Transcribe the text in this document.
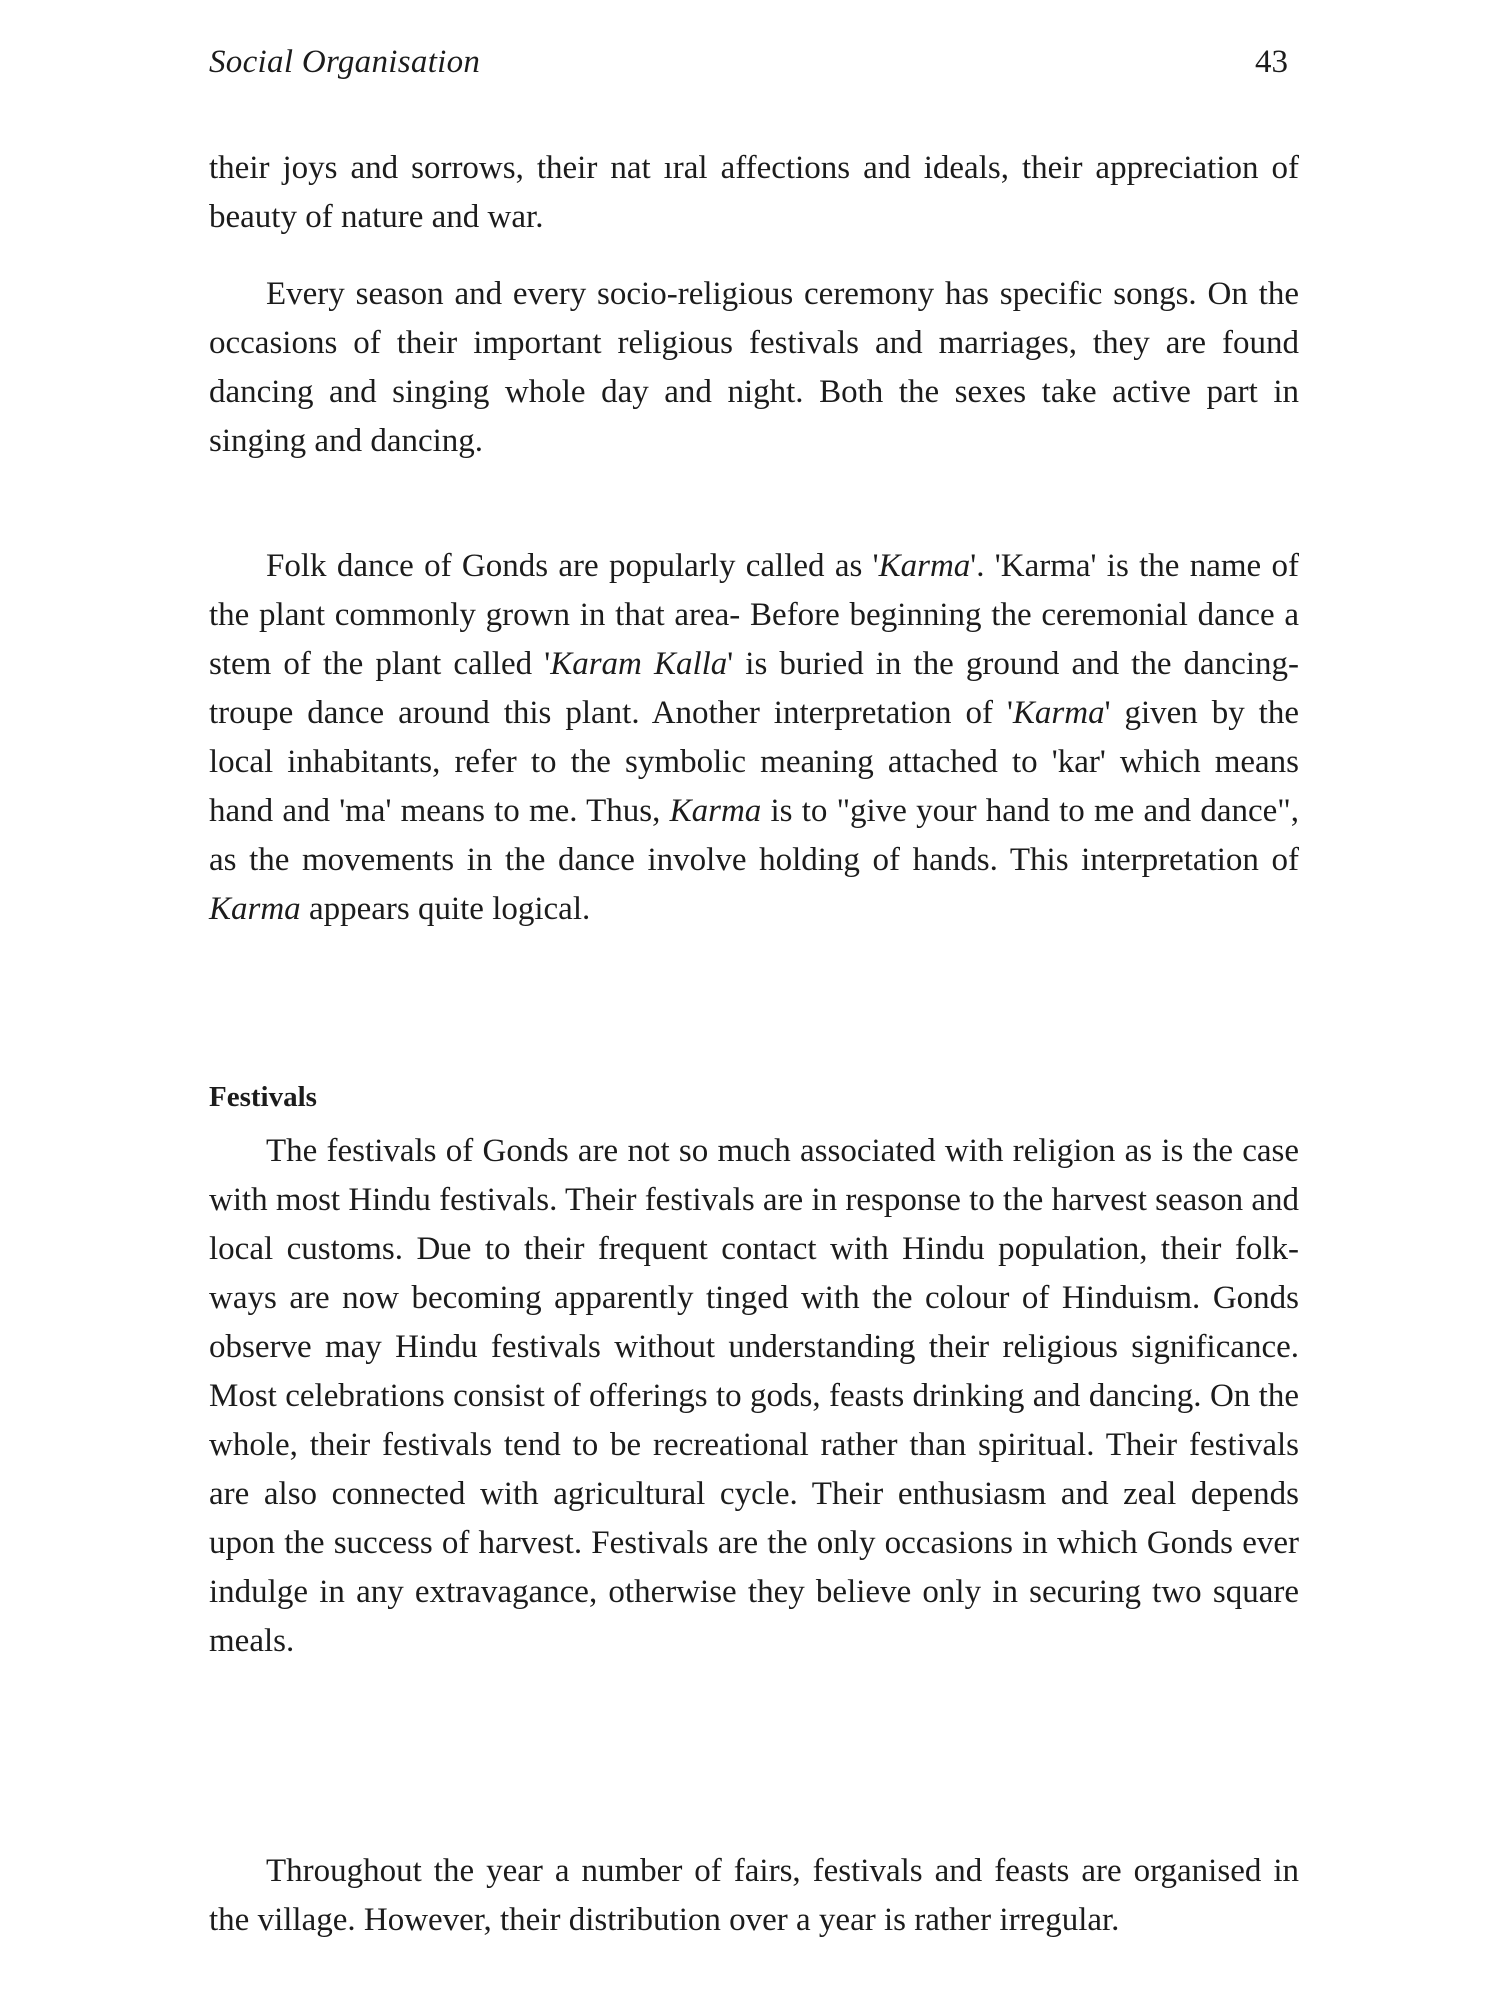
Social Organisation	43

their joys and sorrows, their nat ıral affections and ideals, their appreciation of beauty of nature and war.

Every season and every socio-religious ceremony has specific songs. On the occasions of their important religious festivals and marriages, they are found dancing and singing whole day and night. Both the sexes take active part in singing and dancing.

Folk dance of Gonds are popularly called as 'Karma'. 'Karma' is the name of the plant commonly grown in that area- Before beginning the ceremonial dance a stem of the plant called 'Karam Kalla' is buried in the ground and the dancing-troupe dance around this plant. Another interpretation of 'Karma' given by the local inhabitants, refer to the symbolic meaning attached to 'kar' which means hand and 'ma' means to me. Thus, Karma is to "give your hand to me and dance", as the movements in the dance involve holding of hands. This interpretation of Karma appears quite logical.

Festivals

The festivals of Gonds are not so much associated with religion as is the case with most Hindu festivals. Their festivals are in response to the harvest season and local customs. Due to their frequent contact with Hindu population, their folk-ways are now becoming apparently tinged with the colour of Hinduism. Gonds observe may Hindu festivals without understanding their religious significance. Most celebrations consist of offerings to gods, feasts drinking and dancing. On the whole, their festivals tend to be recreational rather than spiritual. Their festivals are also connected with agricultural cycle. Their enthusiasm and zeal depends upon the success of harvest. Festivals are the only occasions in which Gonds ever indulge in any extravagance, otherwise they believe only in securing two square meals.

Throughout the year a number of fairs, festivals and feasts are organised in the village. However, their distribution over a year is rather irregular.
